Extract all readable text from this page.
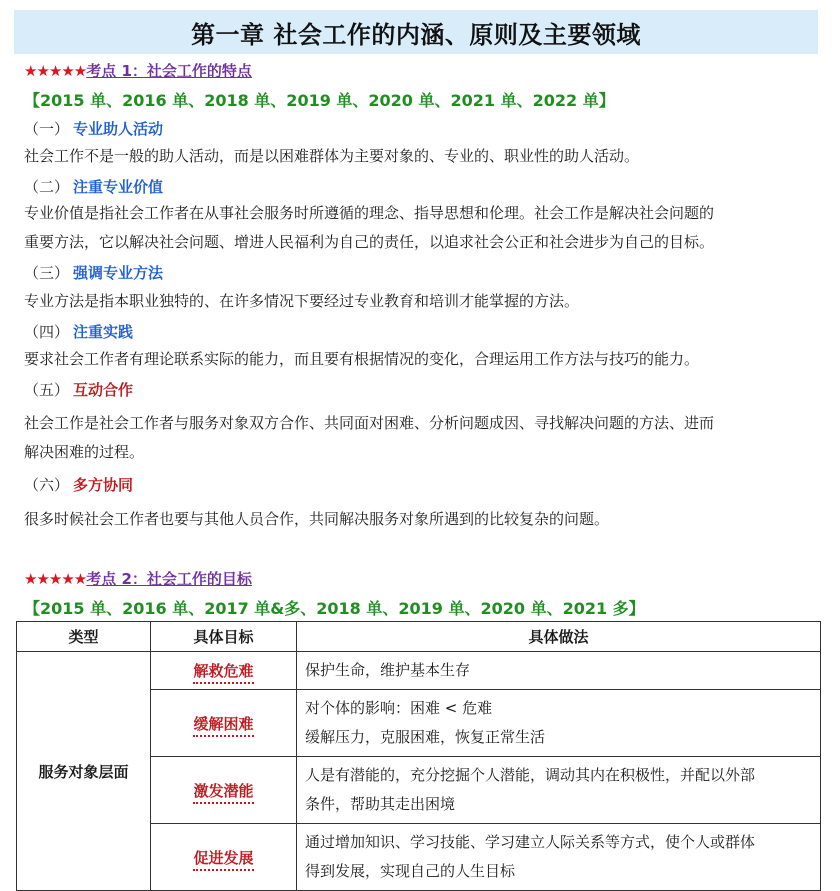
第一章 社会工作的内涵、原则及主要领域
★★★★★考点 1：社会工作的特点
【2015 单、2016 单、2018 单、2019 单、2020 单、2021 单、2022 单】
（一） 专业助人活动
社会工作不是一般的助人活动，而是以困难群体为主要对象的、专业的、职业性的助人活动。
（二） 注重专业价值
专业价值是指社会工作者在从事社会服务时所遵循的理念、指导思想和伦理。社会工作是解决社会问题的
重要方法，它以解决社会问题、增进人民福利为自己的责任，以追求社会公正和社会进步为自己的目标。
（三） 强调专业方法
专业方法是指本职业独特的、在许多情况下要经过专业教育和培训才能掌握的方法。
（四） 注重实践
要求社会工作者有理论联系实际的能力，而且要有根据情况的变化，合理运用工作方法与技巧的能力。
（五） 互动合作
社会工作是社会工作者与服务对象双方合作、共同面对困难、分析问题成因、寻找解决问题的方法、进而
解决困难的过程。
（六） 多方协同
很多时候社会工作者也要与其他人员合作，共同解决服务对象所遇到的比较复杂的问题。
★★★★★考点 2：社会工作的目标
【2015 单、2016 单、2017 单&多、2018 单、2019 单、2020 单、2021 多】
类型	具体目标	具体做法
服务对象层面	解救危难	保护生命，维护基本生存

	缓解困难	对个体的影响：困难 < 危难
缓解压力，克服困难，恢复正常生活

	激发潜能	人是有潜能的，充分挖掘个人潜能，调动其内在积极性，并配以外部
条件，帮助其走出困境

	促进发展	通过增加知识、学习技能、学习建立人际关系等方式，使个人或群体
得到发展，实现自己的人生目标
